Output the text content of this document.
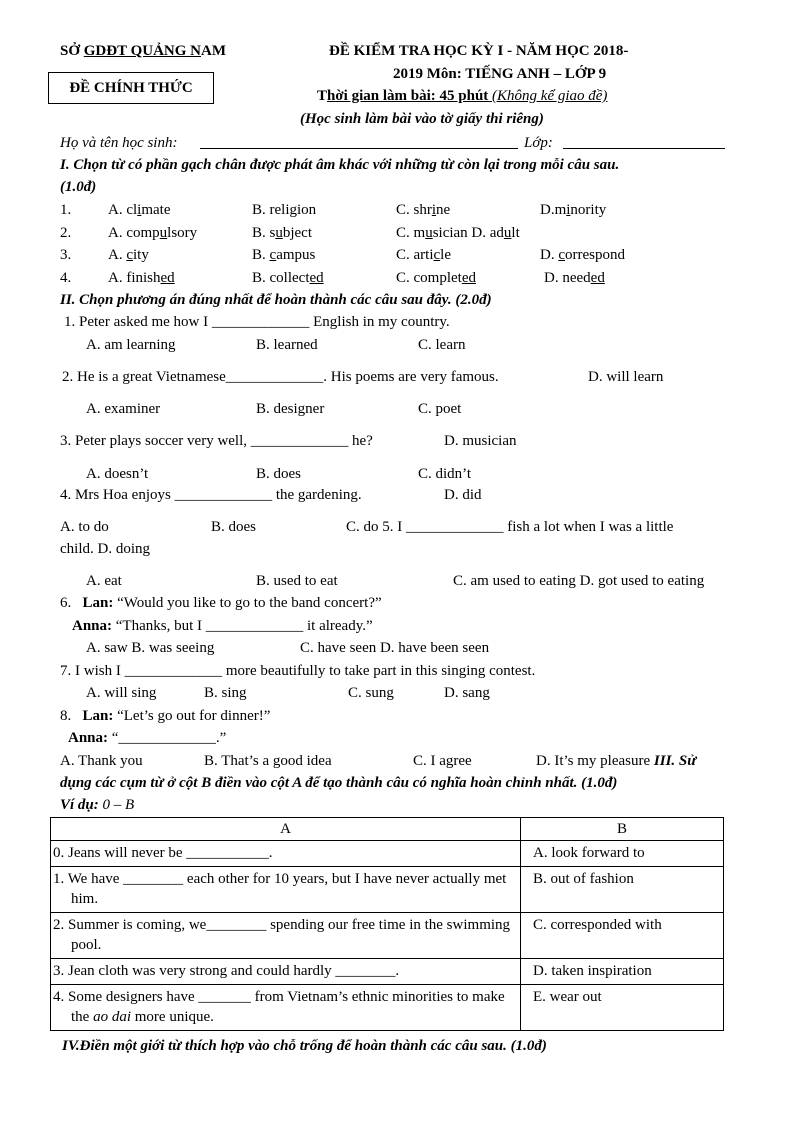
SỞ GDĐT QUẢNG NAM
ĐỀ CHÍNH THỨC
ĐỀ KIỂM TRA HỌC KỲ I - NĂM HỌC 2018-
2019 Môn: TIẾNG ANH – LỚP 9
Thời gian làm bài: 45 phút (Không kể giao đề)
(Học sinh làm bài vào tờ giấy thi riêng)
Họ và tên học sinh:	Lớp:
I. Chọn từ có phần gạch chân được phát âm khác với những từ còn lại trong mỗi câu sau.
(1.0đ)
1. A. climate	B. religion	C. shrine	D.minority
2. A. compulsory	B. subject	C. musician D. adult
3. A. city	B. campus	C. article	D. correspond
4. A. finished	B. collected	C. completed	D. needed
II. Chọn phương án đúng nhất để hoàn thành các câu sau đây. (2.0đ)
1. Peter asked me how I _____________ English in my country.
A. am learning	B. learned	C. learn
2. He is a great Vietnamese_____________. His poems are very famous.	D. will learn
A. examiner	B. designer	C. poet
3. Peter plays soccer very well, _____________ he?	D. musician
A. doesn’t	B. does	C. didn’t
4. Mrs Hoa enjoys _____________ the gardening.	D. did
A. to do	B. does	C. do 5. I _____________ fish a lot when I was a little
child. D. doing
A. eat	B. used to eat	C. am used to eating D. got used to eating
6. Lan: “Would you like to go to the band concert?”
Anna: “Thanks, but I _____________ it already.”
A. saw B. was seeing	C. have seen D. have been seen
7. I wish I _____________ more beautifully to take part in this singing contest.
A. will sing	B. sing	C. sung	D. sang
8. Lan: “Let’s go out for dinner!”
Anna: “_____________.”
A. Thank you	B. That’s a good idea	C. I agree	D. It’s my pleasure III. Sử
dụng các cụm từ ở cột B điền vào cột A để tạo thành câu có nghĩa hoàn chỉnh nhất. (1.0đ)
Ví dụ: 0 – B
A	B
0. Jeans will never be ___________.	A. look forward to
1. We have ________ each other for 10 years, but I have never actually met him.	B. out of fashion
2. Summer is coming, we________ spending our free time in the swimming pool.	C. corresponded with
3. Jean cloth was very strong and could hardly ________.	D. taken inspiration
4. Some designers have _______ from Vietnam’s ethnic minorities to make the ao dai more unique.	E. wear out
IV.Điền một giới từ thích hợp vào chỗ trống để hoàn thành các câu sau. (1.0đ)
